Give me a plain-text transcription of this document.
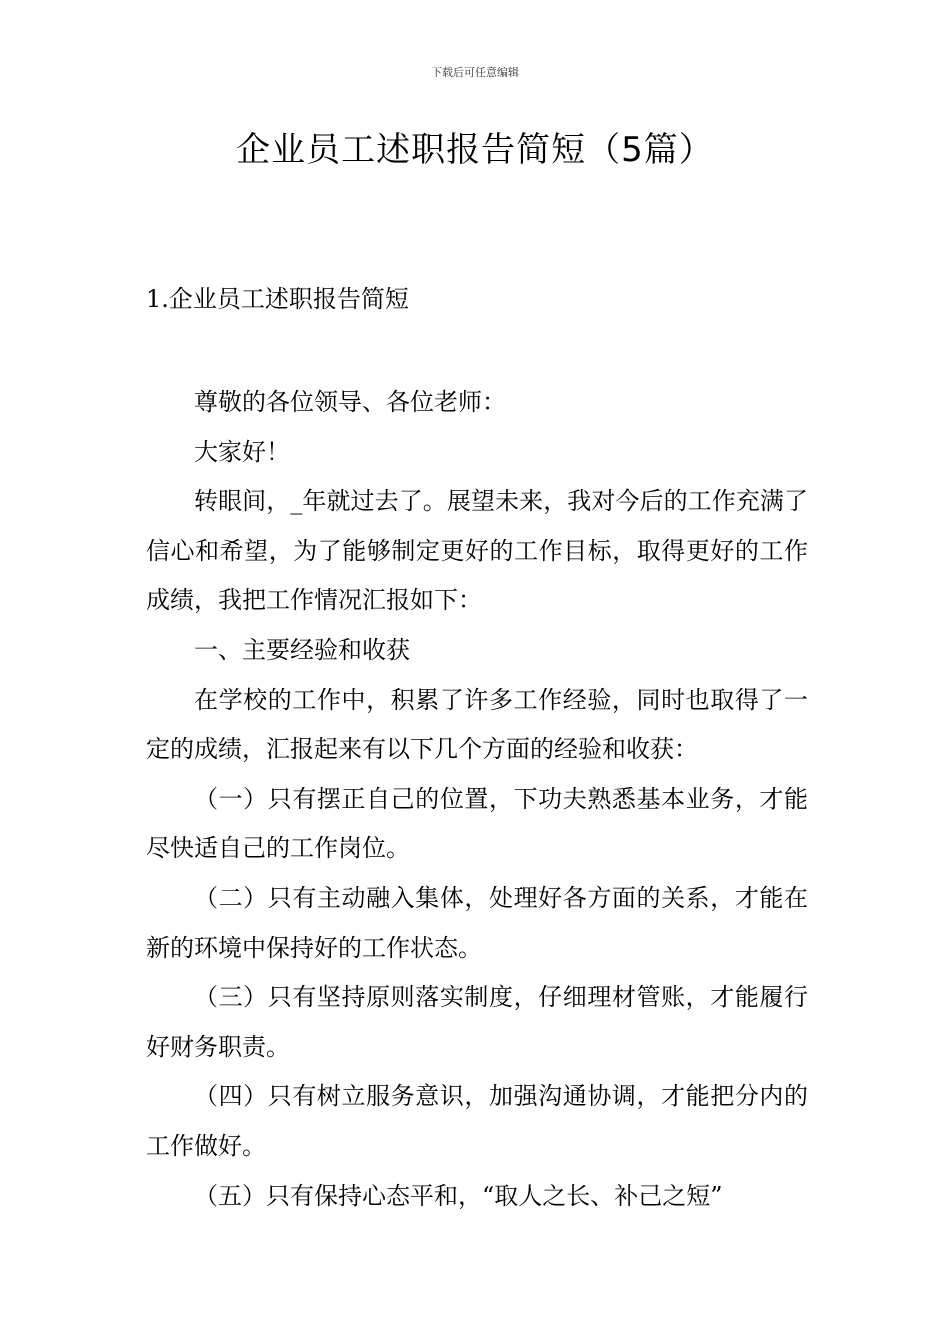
下载后可任意编辑
企业员工述职报告简短（5篇）
1.企业员工述职报告简短

尊敬的各位领导、各位老师：

大家好！

转眼间，_年就过去了。展望未来，我对今后的工作充满了信心和希望，为了能够制定更好的工作目标，取得更好的工作成绩，我把工作情况汇报如下：

一、主要经验和收获

在学校的工作中，积累了许多工作经验，同时也取得了一定的成绩，汇报起来有以下几个方面的经验和收获：

（一）只有摆正自己的位置，下功夫熟悉基本业务，才能尽快适自己的工作岗位。

（二）只有主动融入集体，处理好各方面的关系，才能在新的环境中保持好的工作状态。

（三）只有坚持原则落实制度，仔细理材管账，才能履行好财务职责。

（四）只有树立服务意识，加强沟通协调，才能把分内的工作做好。

（五）只有保持心态平和，“取人之长、补己之短”
